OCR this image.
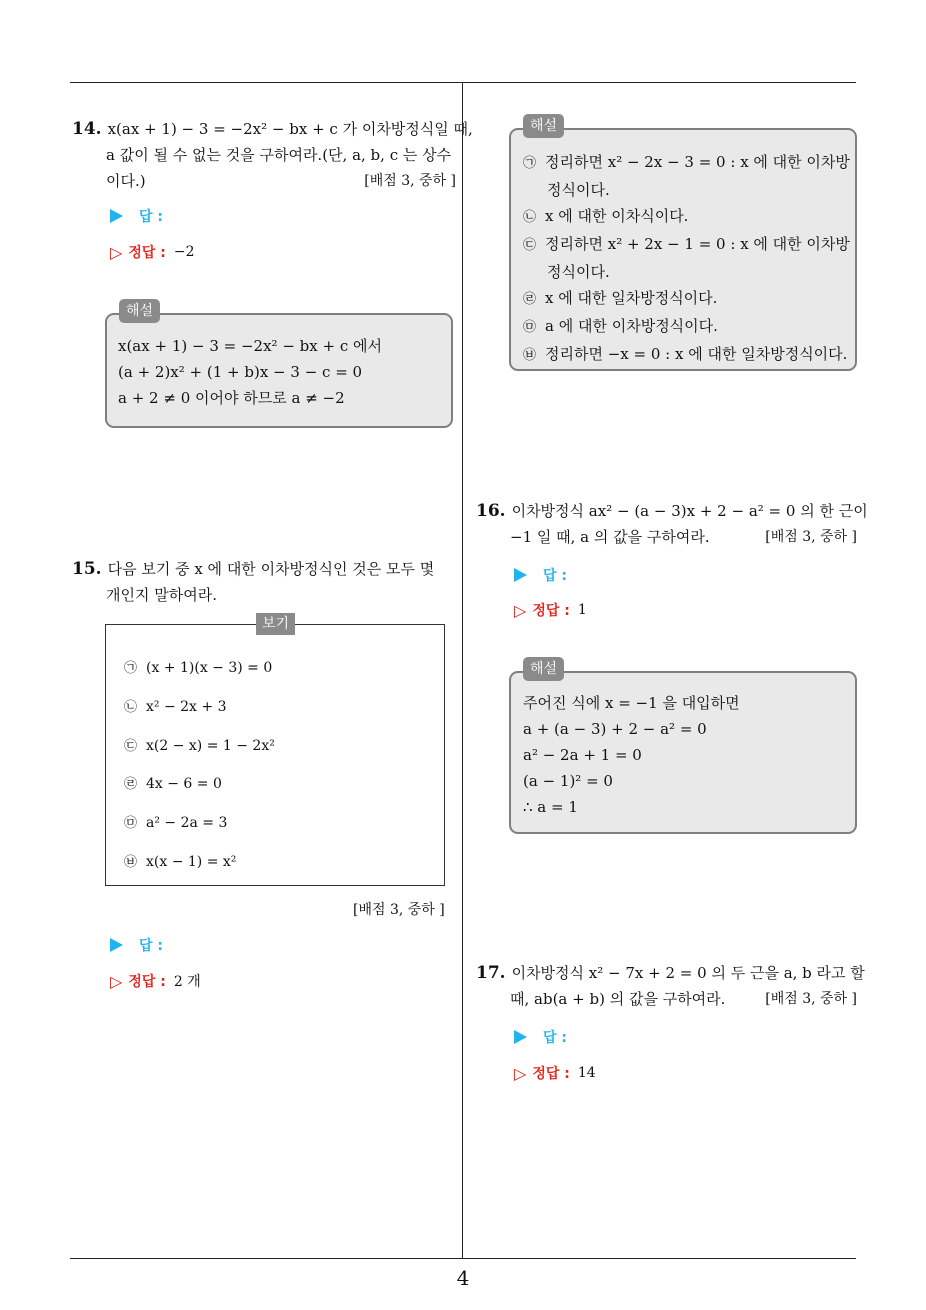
4
14. x(ax + 1) − 3 = −2x² − bx + c 가 이차방정식일 때,
a 값이 될 수 없는 것을 구하여라.(단, a, b, c 는 상수
이다.)	[배점 3, 중하 ]
답 :
▷ 정답 : −2
해설
x(ax + 1) − 3 = −2x² − bx + c 에서
(a + 2)x² + (1 + b)x − 3 − c = 0
a + 2 ≠ 0 이어야 하므로 a ≠ −2
15. 다음 보기 중 x 에 대한 이차방정식인 것은 모두 몇
개인지 말하여라.
보기
㉠ (x + 1)(x − 3) = 0
㉡ x² − 2x + 3
㉢ x(2 − x) = 1 − 2x²
㉣ 4x − 6 = 0
㉤ a² − 2a = 3
㉥ x(x − 1) = x²
[배점 3, 중하 ]
답 :
▷ 정답 : 2 개
해설
㉠ 정리하면 x² − 2x − 3 = 0 : x 에 대한 이차방
정식이다.
㉡ x 에 대한 이차식이다.
㉢ 정리하면 x² + 2x − 1 = 0 : x 에 대한 이차방
정식이다.
㉣ x 에 대한 일차방정식이다.
㉤ a 에 대한 이차방정식이다.
㉥ 정리하면 −x = 0 : x 에 대한 일차방정식이다.
16. 이차방정식 ax² − (a − 3)x + 2 − a² = 0 의 한 근이
−1 일 때, a 의 값을 구하여라.	[배점 3, 중하 ]
답 :
▷ 정답 : 1
해설
주어진 식에 x = −1 을 대입하면
a + (a − 3) + 2 − a² = 0
a² − 2a + 1 = 0
(a − 1)² = 0
∴ a = 1
17. 이차방정식 x² − 7x + 2 = 0 의 두 근을 a, b 라고 할
때, ab(a + b) 의 값을 구하여라.	[배점 3, 중하 ]
답 :
▷ 정답 : 14
